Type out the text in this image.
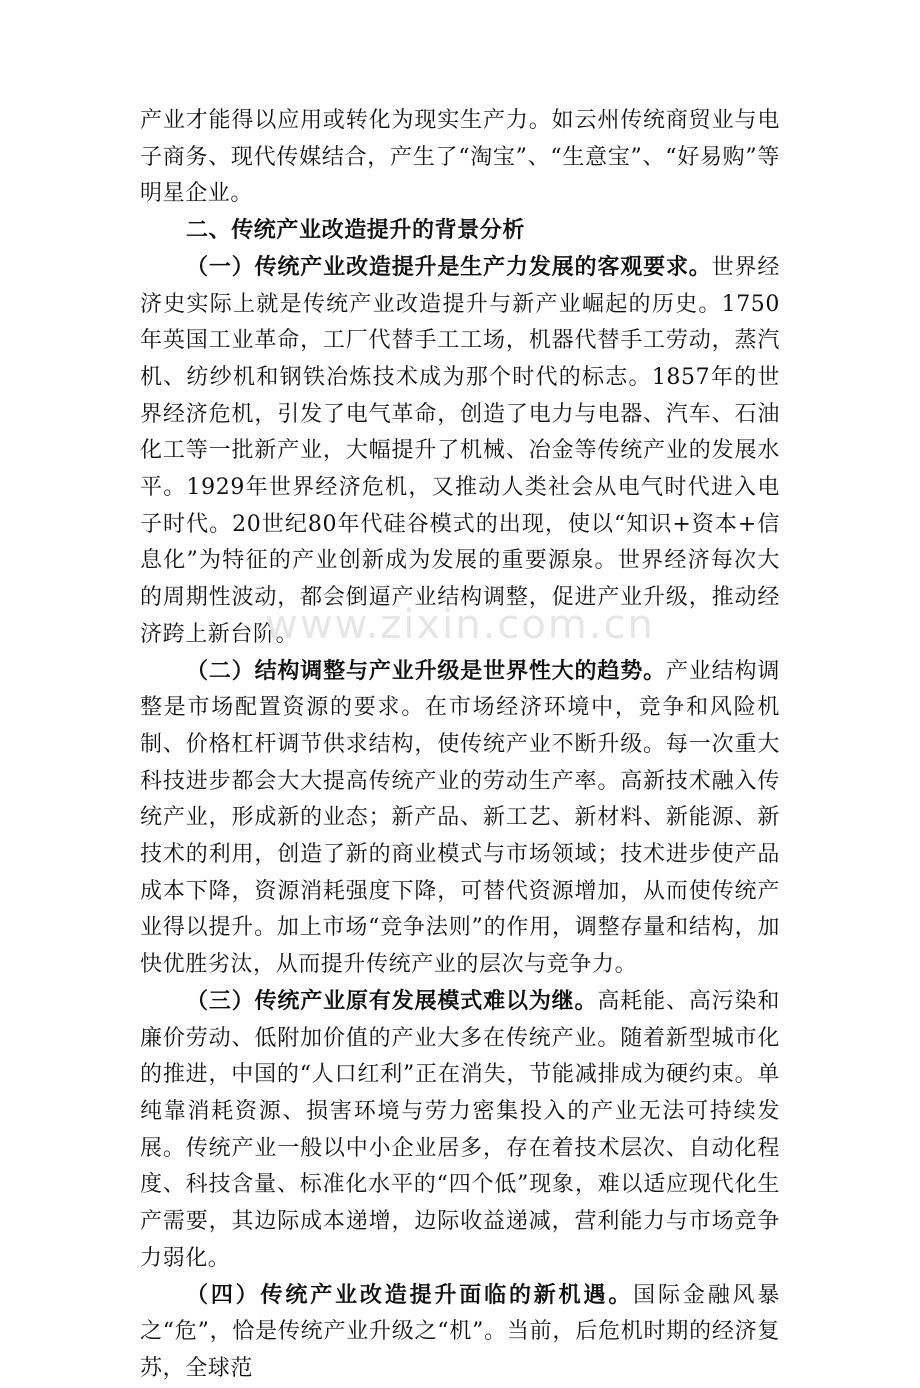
www.zixin.com.cn

产业才能得以应用或转化为现实生产力。如云州传统商贸业与电子商务、现代传媒结合，产生了“淘宝”、“生意宝”、“好易购”等明星企业。

二、传统产业改造提升的背景分析

（一）传统产业改造提升是生产力发展的客观要求。世界经济史实际上就是传统产业改造提升与新产业崛起的历史。1750年英国工业革命，工厂代替手工工场，机器代替手工劳动，蒸汽机、纺纱机和钢铁冶炼技术成为那个时代的标志。1857年的世界经济危机，引发了电气革命，创造了电力与电器、汽车、石油化工等一批新产业，大幅提升了机械、冶金等传统产业的发展水平。1929年世界经济危机，又推动人类社会从电气时代进入电子时代。20世纪80年代硅谷模式的出现，使以“知识+资本+信息化”为特征的产业创新成为发展的重要源泉。世界经济每次大的周期性波动，都会倒逼产业结构调整，促进产业升级，推动经济跨上新台阶。

（二）结构调整与产业升级是世界性大的趋势。产业结构调整是市场配置资源的要求。在市场经济环境中，竞争和风险机制、价格杠杆调节供求结构，使传统产业不断升级。每一次重大科技进步都会大大提高传统产业的劳动生产率。高新技术融入传统产业，形成新的业态；新产品、新工艺、新材料、新能源、新技术的利用，创造了新的商业模式与市场领域；技术进步使产品成本下降，资源消耗强度下降，可替代资源增加，从而使传统产业得以提升。加上市场“竞争法则”的作用，调整存量和结构，加快优胜劣汰，从而提升传统产业的层次与竞争力。

（三）传统产业原有发展模式难以为继。高耗能、高污染和廉价劳动、低附加价值的产业大多在传统产业。随着新型城市化的推进，中国的“人口红利”正在消失，节能减排成为硬约束。单纯靠消耗资源、损害环境与劳力密集投入的产业无法可持续发展。传统产业一般以中小企业居多，存在着技术层次、自动化程度、科技含量、标准化水平的“四个低”现象，难以适应现代化生产需要，其边际成本递增，边际收益递减，营利能力与市场竞争力弱化。

（四）传统产业改造提升面临的新机遇。国际金融风暴之“危”，恰是传统产业升级之“机”。当前，后危机时期的经济复苏，全球范
